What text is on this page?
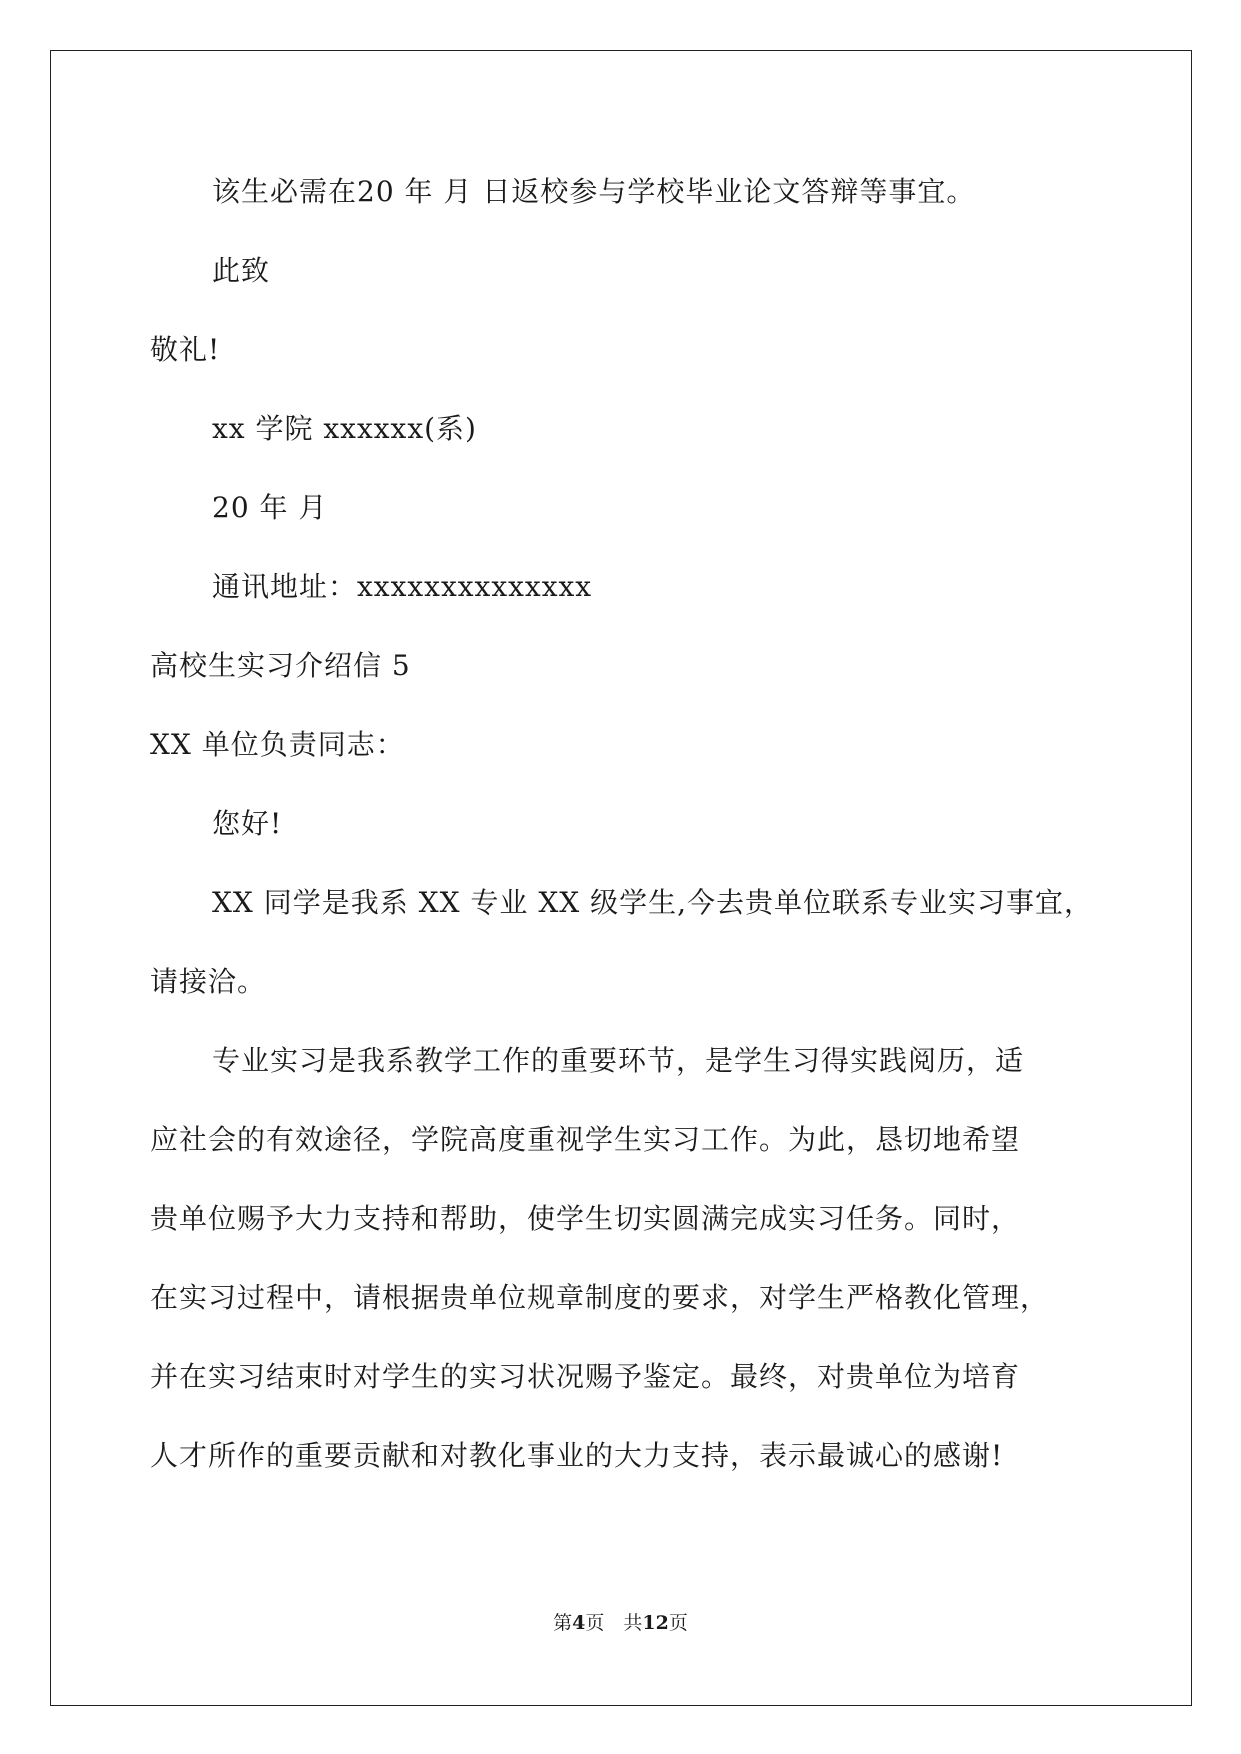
该生必需在20 年 月 日返校参与学校毕业论文答辩等事宜。
此致
敬礼!
xx 学院 xxxxxx(系)
20 年 月
通讯地址：xxxxxxxxxxxxxx
高校生实习介绍信 5
XX 单位负责同志：
您好!
XX 同学是我系 XX 专业 XX 级学生,今去贵单位联系专业实习事宜，
请接洽。
专业实习是我系教学工作的重要环节，是学生习得实践阅历，适
应社会的有效途径，学院高度重视学生实习工作。为此，恳切地希望
贵单位赐予大力支持和帮助，使学生切实圆满完成实习任务。同时，
在实习过程中，请根据贵单位规章制度的要求，对学生严格教化管理，
并在实习结束时对学生的实习状况赐予鉴定。最终，对贵单位为培育
人才所作的重要贡献和对教化事业的大力支持，表示最诚心的感谢!
第4页　共12页
